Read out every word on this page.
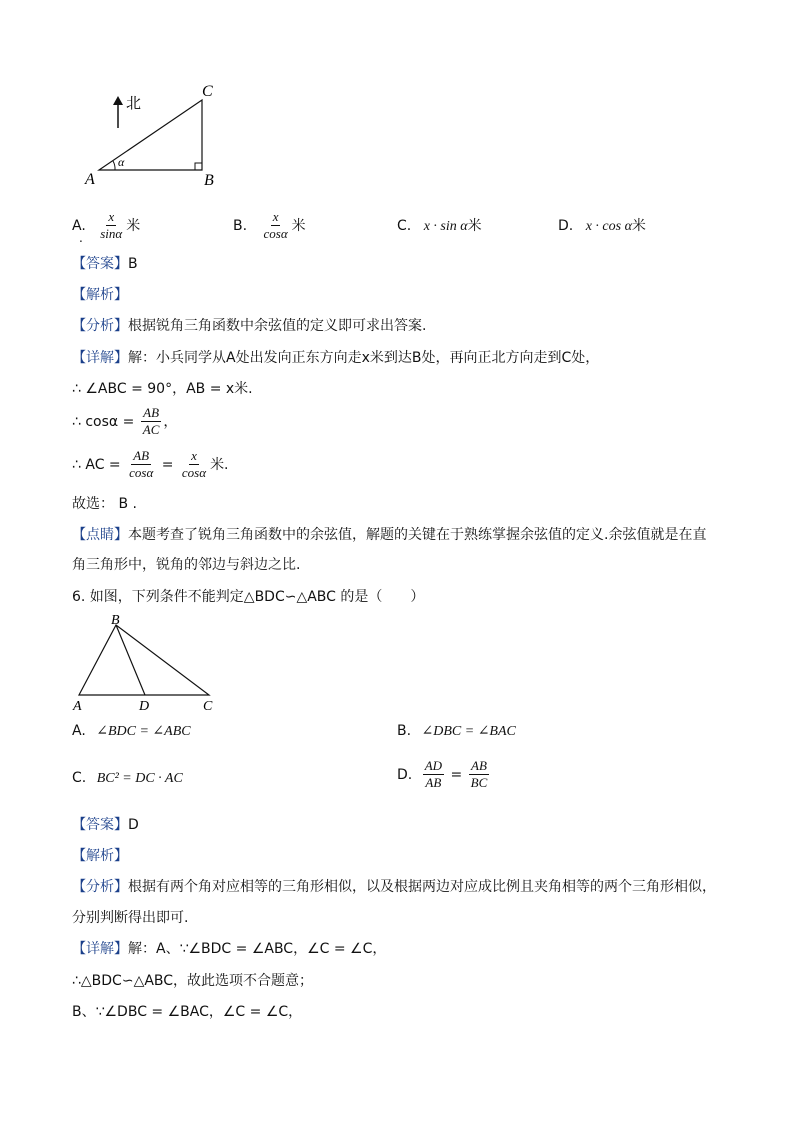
北
α
A	B
C
A. $\frac{x}{\sin\alpha}$ 米
.
B. $\frac{x}{\cos\alpha}$ 米	C. x · sin α米	D. x · cos α米
【答案】B
【解析】
【分析】根据锐角三角函数中余弦值的定义即可求出答案.
【详解】解：小兵同学从A处出发向正东方向走x米到达B处，再向正北方向走到C处，
∴ ∠ABC = 90°，AB = x米.
∴ $\cos\alpha = \frac{AB}{AC}$ ，
∴ AC = $\frac{AB}{\cos\alpha} = \frac{x}{\cos\alpha}$ 米.
故选： B .
【点睛】本题考查了锐角三角函数中的余弦值，解题的关键在于熟练掌握余弦值的定义.余弦值就是在直
角三角形中，锐角的邻边与斜边之比.
6. 如图，下列条件不能判定△BDC∽△ABC 的是（　　）
B
A	D	C
A. ∠BDC = ∠ABC	B. ∠DBC = ∠BAC
C. BC² = DC · AC	D. $\frac{AD}{AB} = \frac{AB}{BC}$
【答案】D
【解析】
【分析】根据有两个角对应相等的三角形相似，以及根据两边对应成比例且夹角相等的两个三角形相似，
分别判断得出即可.
【详解】解：A、∵∠BDC = ∠ABC，∠C = ∠C，
∴△BDC∽△ABC，故此选项不合题意；
B、∵∠DBC = ∠BAC，∠C = ∠C，
